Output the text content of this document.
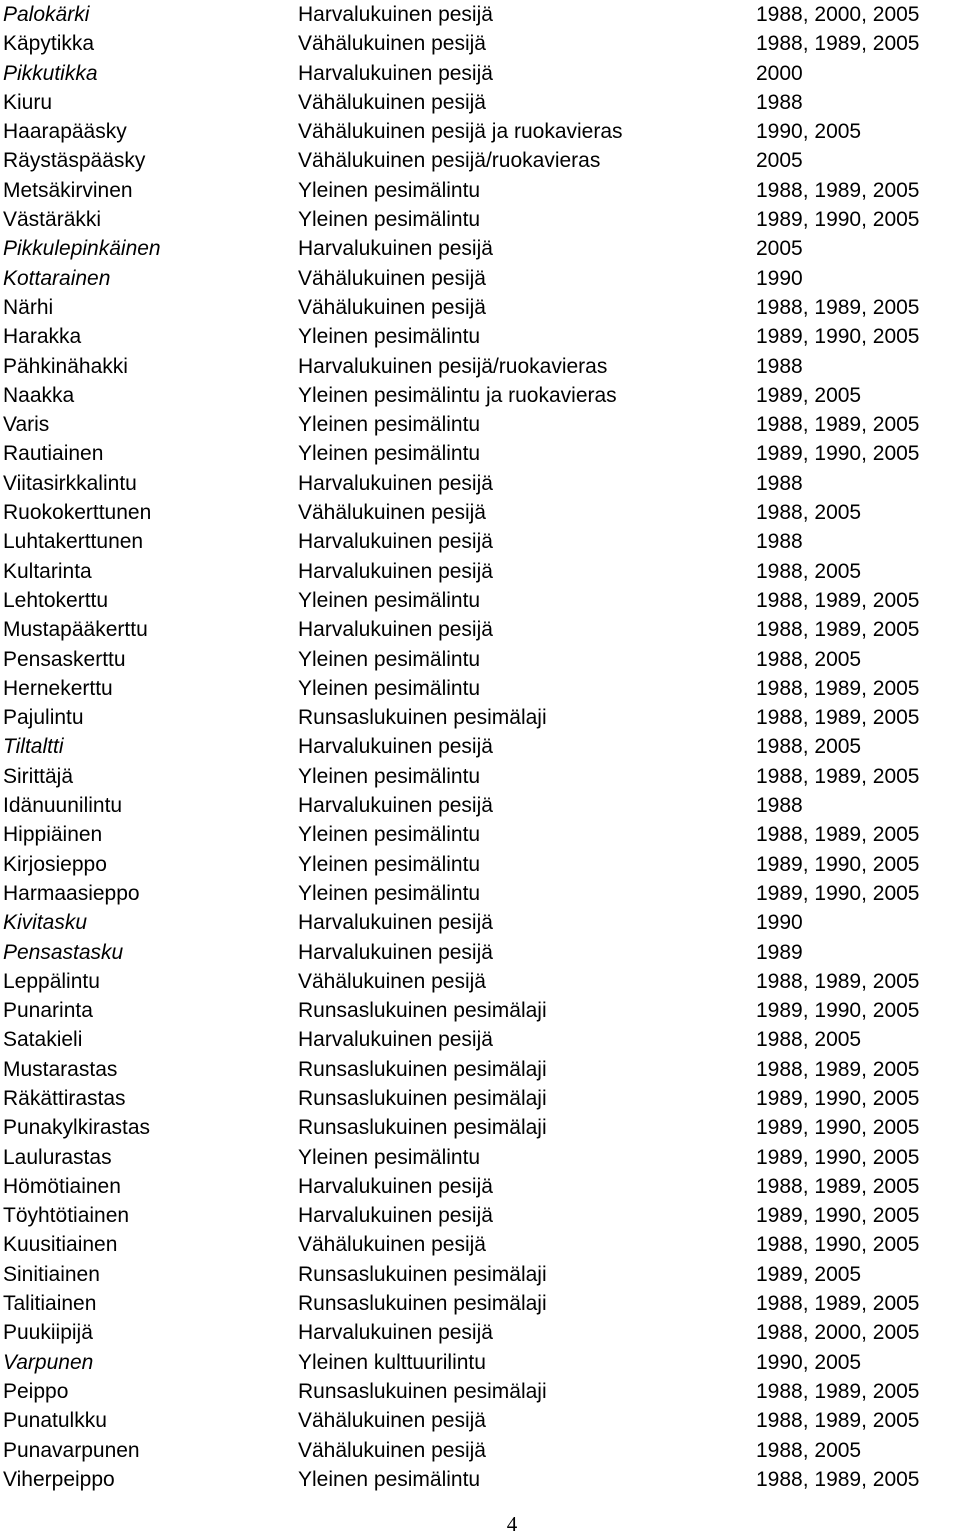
Palokärki	Harvalukuinen pesijä	1988, 2000, 2005
Käpytikka	Vähälukuinen pesijä	1988, 1989, 2005
Pikkutikka	Harvalukuinen pesijä	2000
Kiuru	Vähälukuinen pesijä	1988
Haarapääsky	Vähälukuinen pesijä ja ruokavieras	1990, 2005
Räystäspääsky	Vähälukuinen pesijä/ruokavieras	2005
Metsäkirvinen	Yleinen pesimälintu	1988, 1989, 2005
Västäräkki	Yleinen pesimälintu	1989, 1990, 2005
Pikkulepinkäinen	Harvalukuinen pesijä	2005
Kottarainen	Vähälukuinen pesijä	1990
Närhi	Vähälukuinen pesijä	1988, 1989, 2005
Harakka	Yleinen pesimälintu	1989, 1990, 2005
Pähkinähakki	Harvalukuinen pesijä/ruokavieras	1988
Naakka	Yleinen pesimälintu ja ruokavieras	1989, 2005
Varis	Yleinen pesimälintu	1988, 1989, 2005
Rautiainen	Yleinen pesimälintu	1989, 1990, 2005
Viitasirkkalintu	Harvalukuinen pesijä	1988
Ruokokerttunen	Vähälukuinen pesijä	1988, 2005
Luhtakerttunen	Harvalukuinen pesijä	1988
Kultarinta	Harvalukuinen pesijä	1988, 2005
Lehtokerttu	Yleinen pesimälintu	1988, 1989, 2005
Mustapääkerttu	Harvalukuinen pesijä	1988, 1989, 2005
Pensaskerttu	Yleinen pesimälintu	1988, 2005
Hernekerttu	Yleinen pesimälintu	1988, 1989, 2005
Pajulintu	Runsaslukuinen pesimälaji	1988, 1989, 2005
Tiltaltti	Harvalukuinen pesijä	1988, 2005
Sirittäjä	Yleinen pesimälintu	1988, 1989, 2005
Idänuunilintu	Harvalukuinen pesijä	1988
Hippiäinen	Yleinen pesimälintu	1988, 1989, 2005
Kirjosieppo	Yleinen pesimälintu	1989, 1990, 2005
Harmaasieppo	Yleinen pesimälintu	1989, 1990, 2005
Kivitasku	Harvalukuinen pesijä	1990
Pensastasku	Harvalukuinen pesijä	1989
Leppälintu	Vähälukuinen pesijä	1988, 1989, 2005
Punarinta	Runsaslukuinen pesimälaji	1989, 1990, 2005
Satakieli	Harvalukuinen pesijä	1988, 2005
Mustarastas	Runsaslukuinen pesimälaji	1988, 1989, 2005
Räkättirastas	Runsaslukuinen pesimälaji	1989, 1990, 2005
Punakylkirastas	Runsaslukuinen pesimälaji	1989, 1990, 2005
Laulurastas	Yleinen pesimälintu	1989, 1990, 2005
Hömötiainen	Harvalukuinen pesijä	1988, 1989, 2005
Töyhtötiainen	Harvalukuinen pesijä	1989, 1990, 2005
Kuusitiainen	Vähälukuinen pesijä	1988, 1990, 2005
Sinitiainen	Runsaslukuinen pesimälaji	1989, 2005
Talitiainen	Runsaslukuinen pesimälaji	1988, 1989, 2005
Puukiipijä	Harvalukuinen pesijä	1988, 2000, 2005
Varpunen	Yleinen kulttuurilintu	1990, 2005
Peippo	Runsaslukuinen pesimälaji	1988, 1989, 2005
Punatulkku	Vähälukuinen pesijä	1988, 1989, 2005
Punavarpunen	Vähälukuinen pesijä	1988, 2005
Viherpeippo	Yleinen pesimälintu	1988, 1989, 2005
4
